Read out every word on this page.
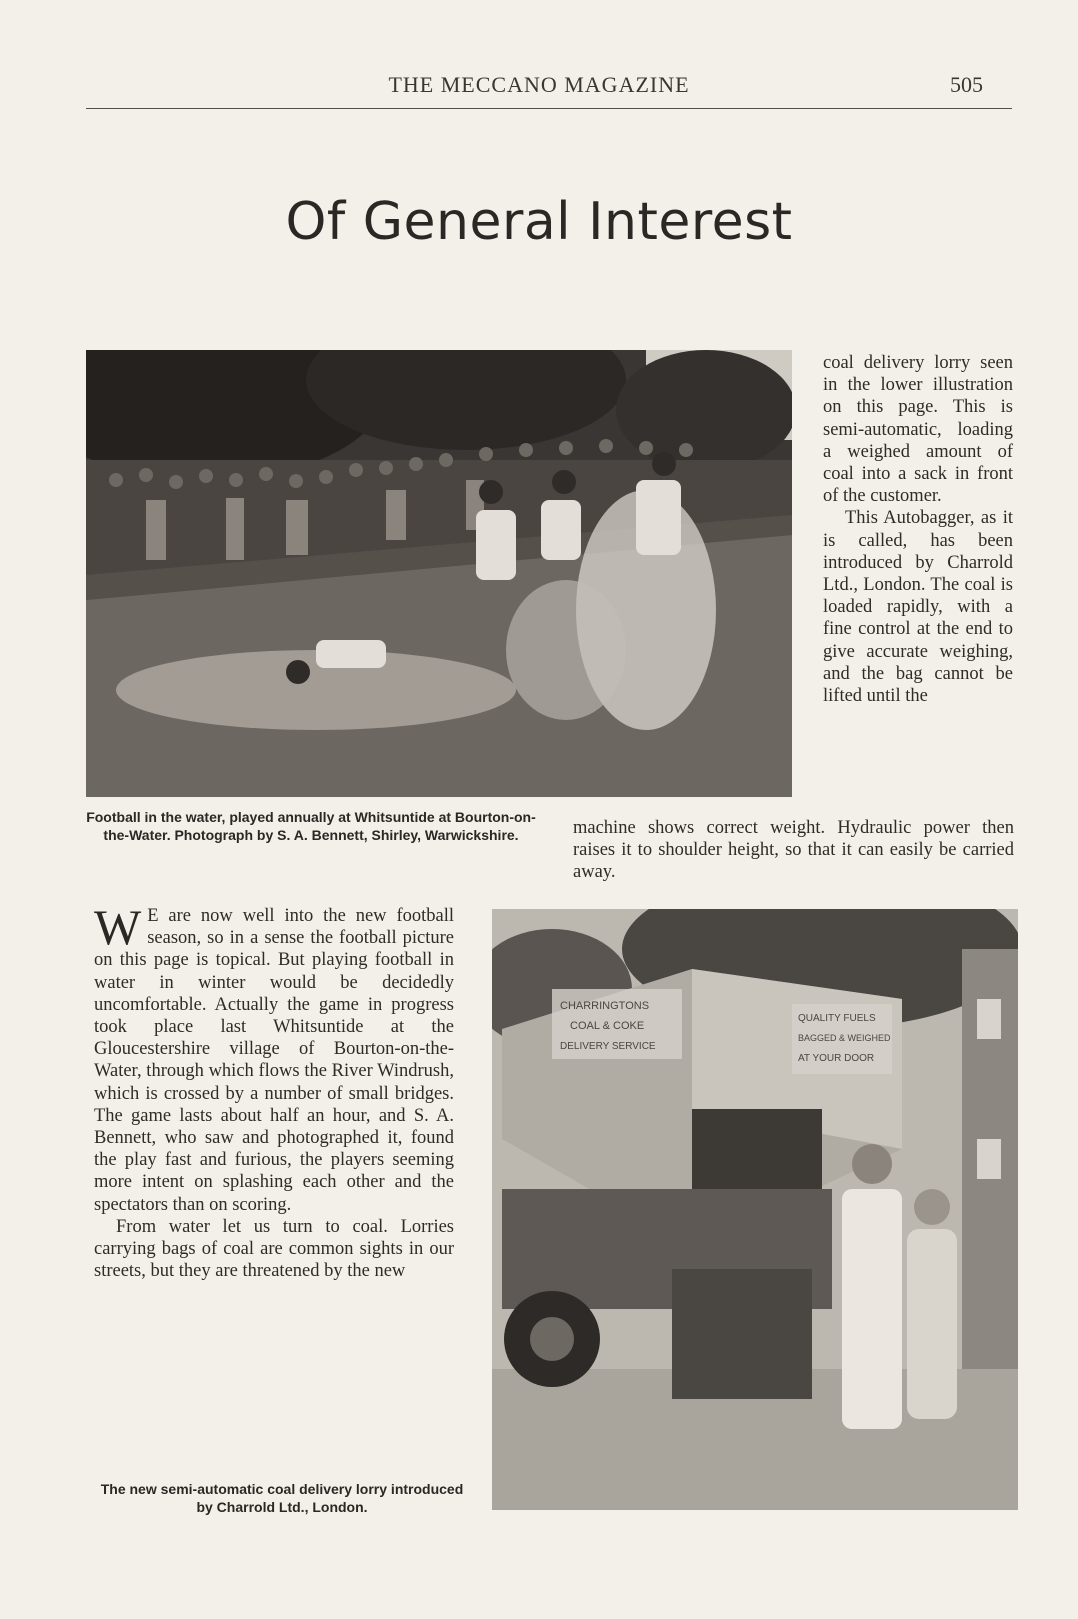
THE MECCANO MAGAZINE	505
Of General Interest
Football in the water, played annually at Whitsuntide at Bourton-on-the-Water. Photograph by S. A. Bennett, Shirley, Warwickshire.

coal delivery lorry seen in the lower illustration on this page. This is semi-automatic, loading a weighed amount of coal into a sack in front of the customer.

This Autobagger, as it is called, has been introduced by Charrold Ltd., London. The coal is loaded rapidly, with a fine control at the end to give accurate weighing, and the bag cannot be lifted until the

machine shows correct weight. Hydraulic power then raises it to shoulder height, so that it can easily be carried away.

W E are now well into the new football season, so in a sense the football picture on this page is topical. But playing football in water in winter would be decidedly uncomfortable. Actually the game in progress took place last Whitsuntide at the Gloucestershire village of Bourton-on-the-Water, through which flows the River Windrush, which is crossed by a number of small bridges. The game lasts about half an hour, and S. A. Bennett, who saw and photographed it, found the play fast and furious, the players seeming more intent on splashing each other and the spectators than on scoring.

From water let us turn to coal. Lorries carrying bags of coal are common sights in our streets, but they are threatened by the new

CHARRINGTONS
COAL & COKE
DELIVERY SERVICE
QUALITY FUELS
BAGGED & WEIGHED
AT YOUR DOOR
The new semi-automatic coal delivery lorry introduced by Charrold Ltd., London.
